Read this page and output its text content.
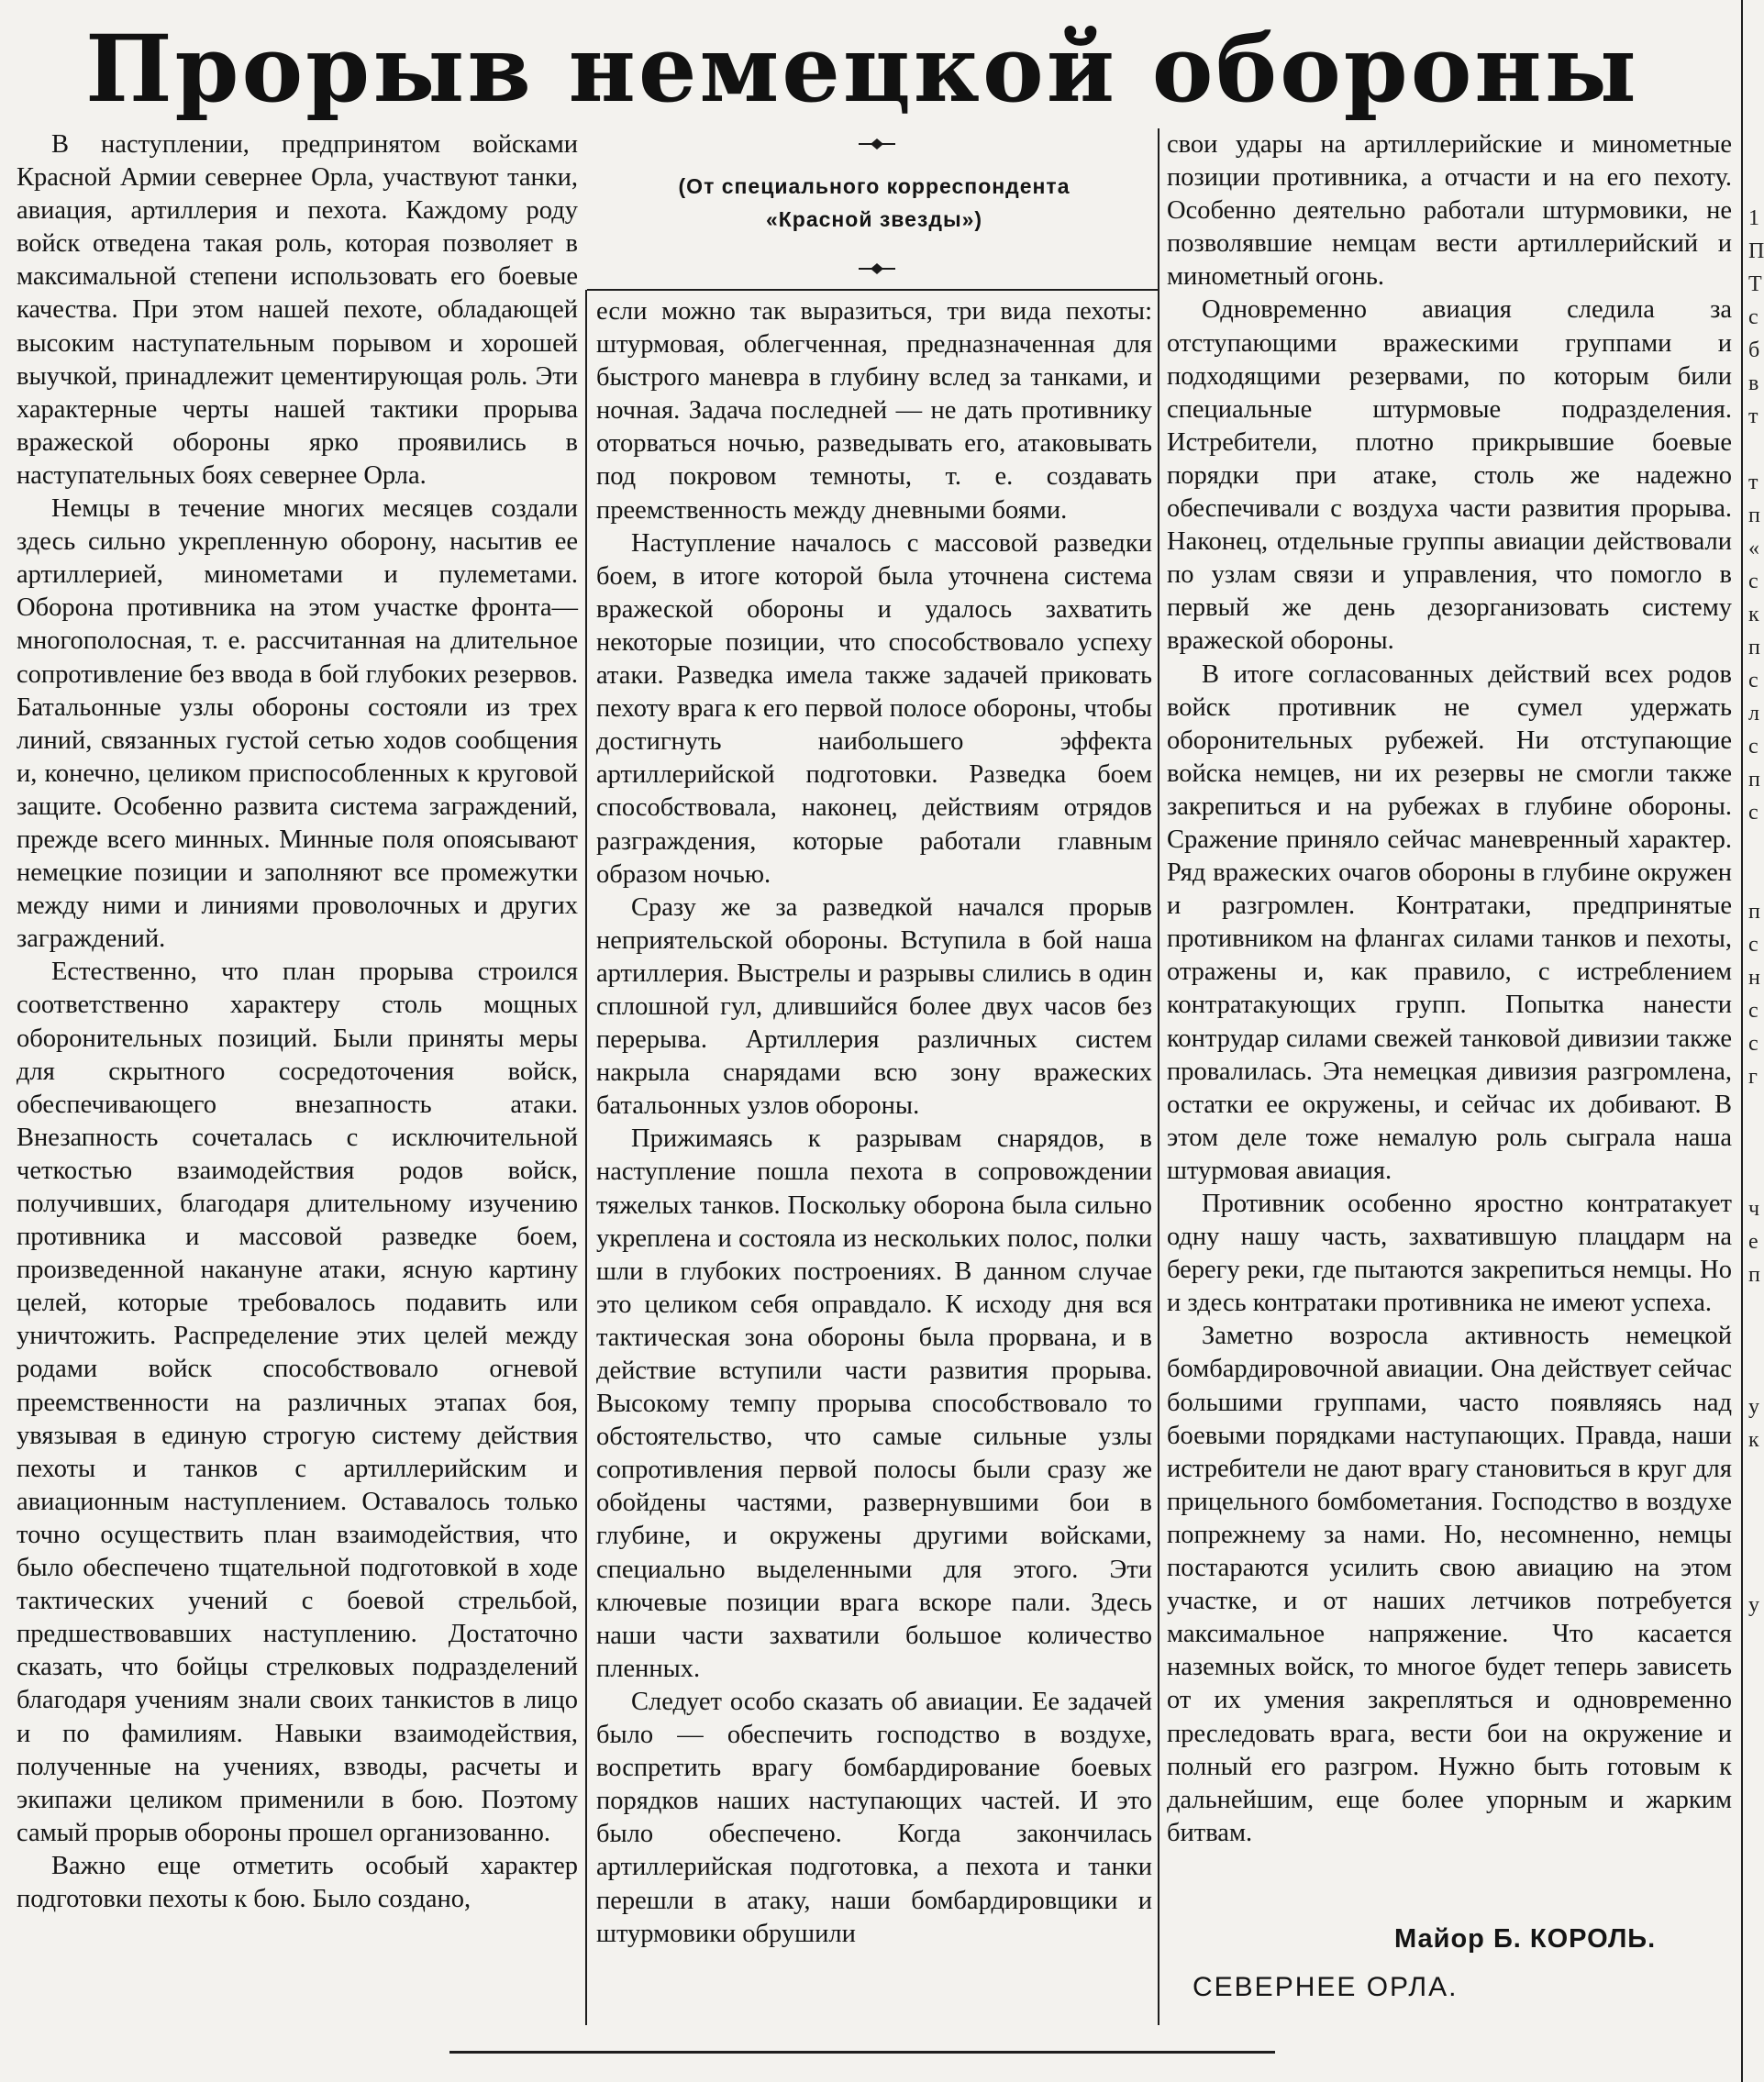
Прорыв немецкой обороны
(От специального корреспондента
«Красной звезды»)

В наступлении, предпринятом войсками Красной Армии севернее Орла, участвуют танки, авиация, артиллерия и пехота. Каждому роду войск отведена такая роль, которая позволяет в максимальной степени использовать его боевые качества. При этом нашей пехоте, обладающей высоким наступательным порывом и хорошей выучкой, принадлежит цементирующая роль. Эти характерные черты нашей тактики прорыва вражеской обороны ярко проявились в наступательных боях севернее Орла.

Немцы в течение многих месяцев создали здесь сильно укрепленную оборону, насытив ее артиллерией, минометами и пулеметами. Оборона противника на этом участке фронта—многополосная, т. е. рассчитанная на длительное сопротивление без ввода в бой глубоких резервов. Батальонные узлы обороны состояли из трех линий, связанных густой сетью ходов сообщения и, конечно, целиком приспособленных к круговой защите. Особенно развита система заграждений, прежде всего минных. Минные поля опоясывают немецкие позиции и заполняют все промежутки между ними и линиями проволочных и других заграждений.

Естественно, что план прорыва строился соответственно характеру столь мощных оборонительных позиций. Были приняты меры для скрытного сосредоточения войск, обеспечивающего внезапность атаки. Внезапность сочеталась с исключительной четкостью взаимодействия родов войск, получивших, благодаря длительному изучению противника и массовой разведке боем, произведенной накануне атаки, ясную картину целей, которые требовалось подавить или уничтожить. Распределение этих целей между родами войск способствовало огневой преемственности на различных этапах боя, увязывая в единую строгую систему действия пехоты и танков с артиллерийским и авиационным наступлением. Оставалось только точно осуществить план взаимодействия, что было обеспечено тщательной подготовкой в ходе тактических учений с боевой стрельбой, предшествовавших наступлению. Достаточно сказать, что бойцы стрелковых подразделений благодаря учениям знали своих танкистов в лицо и по фамилиям. Навыки взаимодействия, полученные на учениях, взводы, расчеты и экипажи целиком применили в бою. Поэтому самый прорыв обороны прошел организованно.

Важно еще отметить особый характер подготовки пехоты к бою. Было создано,

если можно так выразиться, три вида пехоты: штурмовая, облегченная, предназначенная для быстрого маневра в глубину вслед за танками, и ночная. Задача последней — не дать противнику оторваться ночью, разведывать его, атаковывать под покровом темноты, т. е. создавать преемственность между дневными боями.

Наступление началось с массовой разведки боем, в итоге которой была уточнена система вражеской обороны и удалось захватить некоторые позиции, что способствовало успеху атаки. Разведка имела также задачей приковать пехоту врага к его первой полосе обороны, чтобы достигнуть наибольшего эффекта артиллерийской подготовки. Разведка боем способствовала, наконец, действиям отрядов разграждения, которые работали главным образом ночью.

Сразу же за разведкой начался прорыв неприятельской обороны. Вступила в бой наша артиллерия. Выстрелы и разрывы слились в один сплошной гул, длившийся более двух часов без перерыва. Артиллерия различных систем накрыла снарядами всю зону вражеских батальонных узлов обороны.

Прижимаясь к разрывам снарядов, в наступление пошла пехота в сопровождении тяжелых танков. Поскольку оборона была сильно укреплена и состояла из нескольких полос, полки шли в глубоких построениях. В данном случае это целиком себя оправдало. К исходу дня вся тактическая зона обороны была прорвана, и в действие вступили части развития прорыва. Высокому темпу прорыва способствовало то обстоятельство, что самые сильные узлы сопротивления первой полосы были сразу же обойдены частями, развернувшими бои в глубине, и окружены другими войсками, специально выделенными для этого. Эти ключевые позиции врага вскоре пали. Здесь наши части захватили большое количество пленных.

Следует особо сказать об авиации. Ее задачей было — обеспечить господство в воздухе, воспретить врагу бомбардирование боевых порядков наших наступающих частей. И это было обеспечено. Когда закончилась артиллерийская подготовка, а пехота и танки перешли в атаку, наши бомбардировщики и штурмовики обрушили

свои удары на артиллерийские и минометные позиции противника, а отчасти и на его пехоту. Особенно деятельно работали штурмовики, не позволявшие немцам вести артиллерийский и минометный огонь.

Одновременно авиация следила за отступающими вражескими группами и подходящими резервами, по которым били специальные штурмовые подразделения. Истребители, плотно прикрывшие боевые порядки при атаке, столь же надежно обеспечивали с воздуха части развития прорыва. Наконец, отдельные группы авиации действовали по узлам связи и управления, что помогло в первый же день дезорганизовать систему вражеской обороны.

В итоге согласованных действий всех родов войск противник не сумел удержать оборонительных рубежей. Ни отступающие войска немцев, ни их резервы не смогли также закрепиться и на рубежах в глубине обороны. Сражение приняло сейчас маневренный характер. Ряд вражеских очагов обороны в глубине окружен и разгромлен. Контратаки, предпринятые противником на флангах силами танков и пехоты, отражены и, как правило, с истреблением контратакующих групп. Попытка нанести контрудар силами свежей танковой дивизии также провалилась. Эта немецкая дивизия разгромлена, остатки ее окружены, и сейчас их добивают. В этом деле тоже немалую роль сыграла наша штурмовая авиация.

Противник особенно яростно контратакует одну нашу часть, захватившую плацдарм на берегу реки, где пытаются закрепиться немцы. Но и здесь контратаки противника не имеют успеха.

Заметно возросла активность немецкой бомбардировочной авиации. Она действует сейчас большими группами, часто появляясь над боевыми порядками наступающих. Правда, наши истребители не дают врагу становиться в круг для прицельного бомбометания. Господство в воздухе попрежнему за нами. Но, несомненно, немцы постараются усилить свою авиацию на этом участке, и от наших летчиков потребуется максимальное напряжение. Что касается наземных войск, то многое будет теперь зависеть от их умения закрепляться и одновременно преследовать врага, вести бои на окружение и полный его разгром. Нужно быть готовым к дальнейшим, еще более упорным и жарким битвам.

Майор Б. КОРОЛЬ.
СЕВЕРНЕЕ ОРЛА.
1
П
Т
с
б
в
т

т
п
«
с
к
п
с
л
с
п
с

п
с
н
с
с
г

ч
е
п

у
к

у
